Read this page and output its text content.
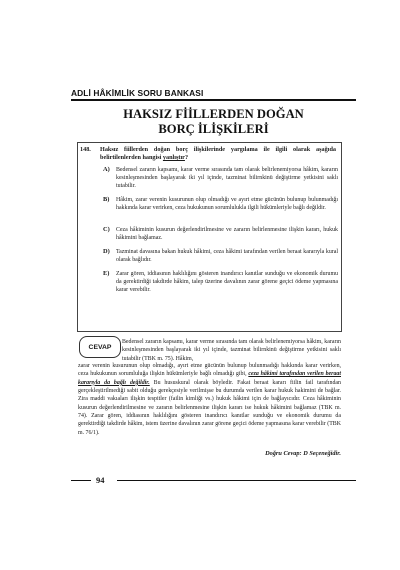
ADLİ HÂKİMLİK SORU BANKASI
HAKSIZ FİİLLERDEN DOĞAN
BORÇ İLİŞKİLERİ
148. Haksız fiillerden doğan borç ilişkilerinde yargılama ile ilgili olarak aşağıda belirtilenlerden hangisi yanlıştır?
A) Bedensel zararın kapsamı, karar verme sırasında tam olarak belirlenemiyorsa hâkim, kararın kesinleşmesinden başlayarak iki yıl içinde, tazminat bilirnkinü değiştirme yetkisini saklı tutabilir.
B) Hâkim, zarar verenin kusurunun olup olmadığı ve ayırt etme gücünün bulunup bulunmadığı hakkında karar verirken, ceza hukukunun sorumlulukla ilgili hükümleriyle bağlı değildir.
C) Ceza hâkiminin kusurun değerlendirilmesine ve zararın belirlenmesine ilişkin kararı, hukuk hâkimini bağlamaz.
D) Tazminat davasına bakan hukuk hâkimi, ceza hâkimi tarafından verilen beraat kararıyla kural olarak bağlıdır.
E) Zarar gören, iddiasının haklılığını gösteren inandırıcı kanıtlar sunduğu ve ekonomik durumu da gerektirdiği takdirde hâkim, talep üzerine davalının zarar görene geçici ödeme yapmasına karar verebilir.
CEVAP
Bedensel zararın kapsamı, karar verme sırasında tam olarak belirlenemiyorsa hâkim, kararın kesinleşmesinden başlayarak iki yıl içinde, tazminat bilirnkinü değiştirme yetkisini saklı tutabilir (TBK m. 75). Hâkim,
zarar verenin kusurunun olup olmadığı, ayırt etme gücünün bulunup bulunmadığı hakkında karar verirken, ceza hukukunun sorumluluğa ilişkin hükümleriyle bağlı olmadığı gibi, ceza hâkimi tarafından verilen beraat kararıyla da bağlı değildir. Bu hususkural olarak böyledir. Fakat beraat kararı fiilin fail tarafından gerçekleştirilmediği sabit olduğu gerekçesiyle verilmişse bu durumda verilen karar hukuk hakimini de bağlar. Zira maddi vakıaları ilişkin tespitler (failin kimliği vs.) hukuk hâkimi için de bağlayıcıdır. Ceza hâkiminin kusurun değerlendirilmesine ve zararın belirlenmesine ilişkin kararı ise hukuk hâkimini bağlamaz (TBK m. 74). Zarar gören, iddiasının haklılığını gösteren inandırıcı kanıtlar sunduğu ve ekonomik durumu da gerektirdiği takdirde hâkim, istem üzerine davalının zarar görene geçici ödeme yapmasına karar verebilir (TBK m. 76/1).
Doğru Cevap: D Seçeneğidir.
94
